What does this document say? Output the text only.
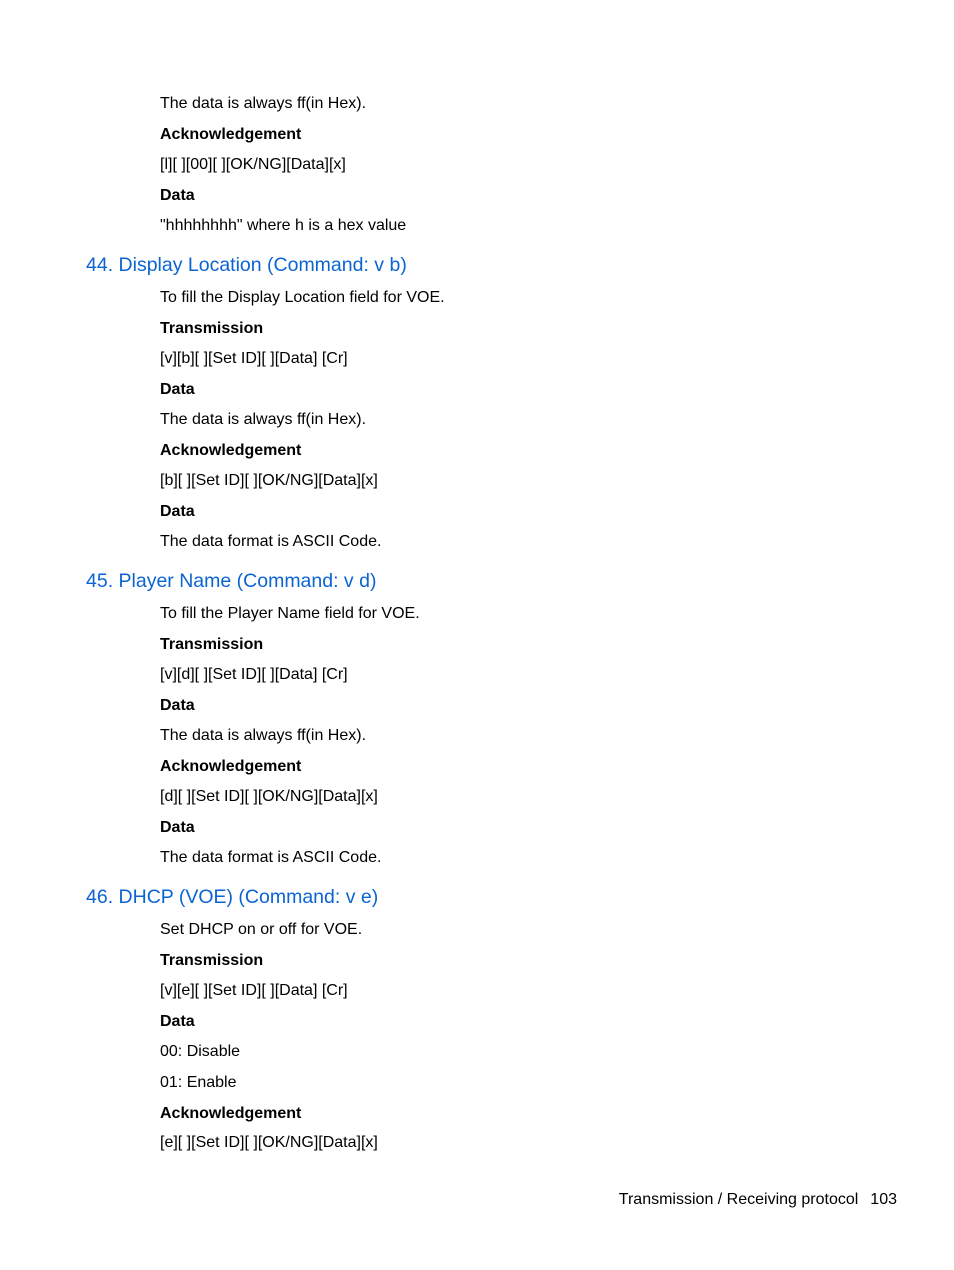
The data is always ff(in Hex).
Acknowledgement
[l][ ][00][ ][OK/NG][Data][x]
Data
"hhhhhhhh" where h is a hex value
44. Display Location (Command: v b)
To fill the Display Location field for VOE.
Transmission
[v][b][ ][Set ID][ ][Data] [Cr]
Data
The data is always ff(in Hex).
Acknowledgement
[b][ ][Set ID][ ][OK/NG][Data][x]
Data
The data format is ASCII Code.
45. Player Name (Command: v d)
To fill the Player Name field for VOE.
Transmission
[v][d][ ][Set ID][ ][Data] [Cr]
Data
The data is always ff(in Hex).
Acknowledgement
[d][ ][Set ID][ ][OK/NG][Data][x]
Data
The data format is ASCII Code.
46. DHCP (VOE) (Command: v e)
Set DHCP on or off for VOE.
Transmission
[v][e][ ][Set ID][ ][Data] [Cr]
Data
00: Disable
01: Enable
Acknowledgement
[e][ ][Set ID][ ][OK/NG][Data][x]
Transmission / Receiving protocol 103
